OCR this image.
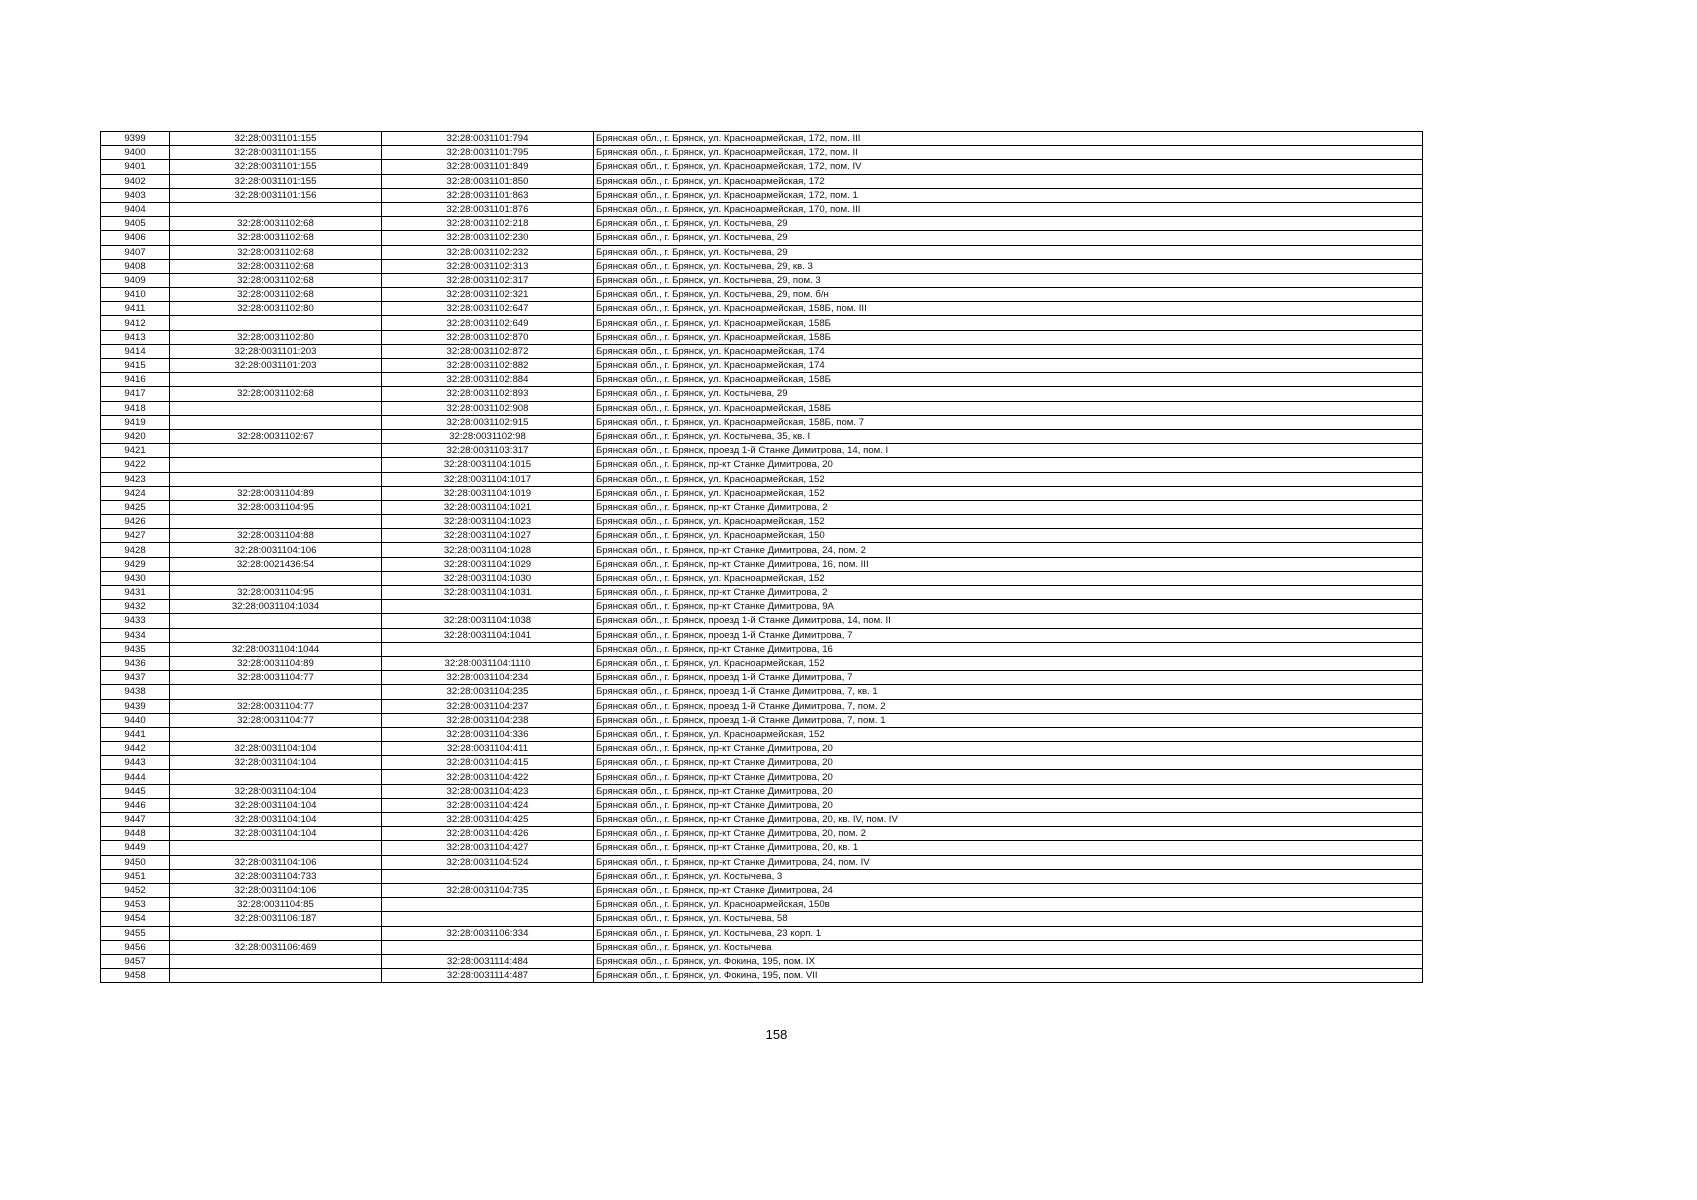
9399	32:28:0031101:155	32:28:0031101:794	Брянская обл., г. Брянск, ул. Красноармейская, 172, пом. III
9400	32:28:0031101:155	32:28:0031101:795	Брянская обл., г. Брянск, ул. Красноармейская, 172, пом. II
9401	32:28:0031101:155	32:28:0031101:849	Брянская обл., г. Брянск, ул. Красноармейская, 172, пом. IV
9402	32:28:0031101:155	32:28:0031101:850	Брянская обл., г. Брянск, ул. Красноармейская, 172
9403	32:28:0031101:156	32:28:0031101:863	Брянская обл., г. Брянск, ул. Красноармейская, 172, пом. 1
9404		32:28:0031101:876	Брянская обл., г. Брянск, ул. Красноармейская, 170, пом. III
9405	32:28:0031102:68	32:28:0031102:218	Брянская обл., г. Брянск, ул. Костычева, 29
9406	32:28:0031102:68	32:28:0031102:230	Брянская обл., г. Брянск, ул. Костычева, 29
9407	32:28:0031102:68	32:28:0031102:232	Брянская обл., г. Брянск, ул. Костычева, 29
9408	32:28:0031102:68	32:28:0031102:313	Брянская обл., г. Брянск, ул. Костычева, 29, кв. 3
9409	32:28:0031102:68	32:28:0031102:317	Брянская обл., г. Брянск, ул. Костычева, 29, пом. 3
9410	32:28:0031102:68	32:28:0031102:321	Брянская обл., г. Брянск, ул. Костычева, 29, пом. б/н
9411	32:28:0031102:80	32:28:0031102:647	Брянская обл., г. Брянск, ул. Красноармейская, 158Б, пом. III
9412		32:28:0031102:649	Брянская обл., г. Брянск, ул. Красноармейская, 158Б
9413	32:28:0031102:80	32:28:0031102:870	Брянская обл., г. Брянск, ул. Красноармейская, 158Б
9414	32:28:0031101:203	32:28:0031102:872	Брянская обл., г. Брянск, ул. Красноармейская, 174
9415	32:28:0031101:203	32:28:0031102:882	Брянская обл., г. Брянск, ул. Красноармейская, 174
9416		32:28:0031102:884	Брянская обл., г. Брянск, ул. Красноармейская, 158Б
9417	32:28:0031102:68	32:28:0031102:893	Брянская обл., г. Брянск, ул. Костычева, 29
9418		32:28:0031102:908	Брянская обл., г. Брянск, ул. Красноармейская, 158Б
9419		32:28:0031102:915	Брянская обл., г. Брянск, ул. Красноармейская, 158Б, пом. 7
9420	32:28:0031102:67	32:28:0031102:98	Брянская обл., г. Брянск, ул. Костычева, 35, кв. I
9421		32:28:0031103:317	Брянская обл., г. Брянск, проезд 1-й Станке Димитрова, 14, пом. I
9422		32:28:0031104:1015	Брянская обл., г. Брянск, пр-кт Станке Димитрова, 20
9423		32:28:0031104:1017	Брянская обл., г. Брянск, ул. Красноармейская, 152
9424	32:28:0031104:89	32:28:0031104:1019	Брянская обл., г. Брянск, ул. Красноармейская, 152
9425	32:28:0031104:95	32:28:0031104:1021	Брянская обл., г. Брянск, пр-кт Станке Димитрова, 2
9426		32:28:0031104:1023	Брянская обл., г. Брянск, ул. Красноармейская, 152
9427	32:28:0031104:88	32:28:0031104:1027	Брянская обл., г. Брянск, ул. Красноармейская, 150
9428	32:28:0031104:106	32:28:0031104:1028	Брянская обл., г. Брянск, пр-кт Станке Димитрова, 24, пом. 2
9429	32:28:0021436:54	32:28:0031104:1029	Брянская обл., г. Брянск, пр-кт Станке Димитрова, 16, пом. III
9430		32:28:0031104:1030	Брянская обл., г. Брянск, ул. Красноармейская, 152
9431	32:28:0031104:95	32:28:0031104:1031	Брянская обл., г. Брянск, пр-кт Станке Димитрова, 2
9432	32:28:0031104:1034		Брянская обл., г. Брянск, пр-кт Станке Димитрова, 9А
9433		32:28:0031104:1038	Брянская обл., г. Брянск, проезд 1-й Станке Димитрова, 14, пом. II
9434		32:28:0031104:1041	Брянская обл., г. Брянск, проезд 1-й Станке Димитрова, 7
9435	32:28:0031104:1044		Брянская обл., г. Брянск, пр-кт Станке Димитрова, 16
9436	32:28:0031104:89	32:28:0031104:1110	Брянская обл., г. Брянск, ул. Красноармейская, 152
9437	32:28:0031104:77	32:28:0031104:234	Брянская обл., г. Брянск, проезд 1-й Станке Димитрова, 7
9438		32:28:0031104:235	Брянская обл., г. Брянск, проезд 1-й Станке Димитрова, 7, кв. 1
9439	32:28:0031104:77	32:28:0031104:237	Брянская обл., г. Брянск, проезд 1-й Станке Димитрова, 7, пом. 2
9440	32:28:0031104:77	32:28:0031104:238	Брянская обл., г. Брянск, проезд 1-й Станке Димитрова, 7, пом. 1
9441		32:28:0031104:336	Брянская обл., г. Брянск, ул. Красноармейская, 152
9442	32:28:0031104:104	32:28:0031104:411	Брянская обл., г. Брянск, пр-кт Станке Димитрова, 20
9443	32:28:0031104:104	32:28:0031104:415	Брянская обл., г. Брянск, пр-кт Станке Димитрова, 20
9444		32:28:0031104:422	Брянская обл., г. Брянск, пр-кт Станке Димитрова, 20
9445	32:28:0031104:104	32:28:0031104:423	Брянская обл., г. Брянск, пр-кт Станке Димитрова, 20
9446	32:28:0031104:104	32:28:0031104:424	Брянская обл., г. Брянск, пр-кт Станке Димитрова, 20
9447	32:28:0031104:104	32:28:0031104:425	Брянская обл., г. Брянск, пр-кт Станке Димитрова, 20, кв. IV, пом. IV
9448	32:28:0031104:104	32:28:0031104:426	Брянская обл., г. Брянск, пр-кт Станке Димитрова, 20, пом. 2
9449		32:28:0031104:427	Брянская обл., г. Брянск, пр-кт Станке Димитрова, 20, кв. 1
9450	32:28:0031104:106	32:28:0031104:524	Брянская обл., г. Брянск, пр-кт Станке Димитрова, 24, пом. IV
9451	32:28:0031104:733		Брянская обл., г. Брянск, ул. Костычева, 3
9452	32:28:0031104:106	32:28:0031104:735	Брянская обл., г. Брянск, пр-кт Станке Димитрова, 24
9453	32:28:0031104:85		Брянская обл., г. Брянск, ул. Красноармейская, 150в
9454	32:28:0031106:187		Брянская обл., г. Брянск, ул. Костычева, 58
9455		32:28:0031106:334	Брянская обл., г. Брянск, ул. Костычева, 23 корп. 1
9456	32:28:0031106:469		Брянская обл., г. Брянск, ул. Костычева
9457		32:28:0031114:484	Брянская обл., г. Брянск, ул. Фокина, 195, пом. IX
9458		32:28:0031114:487	Брянская обл., г. Брянск, ул. Фокина, 195, пом. VII
158
